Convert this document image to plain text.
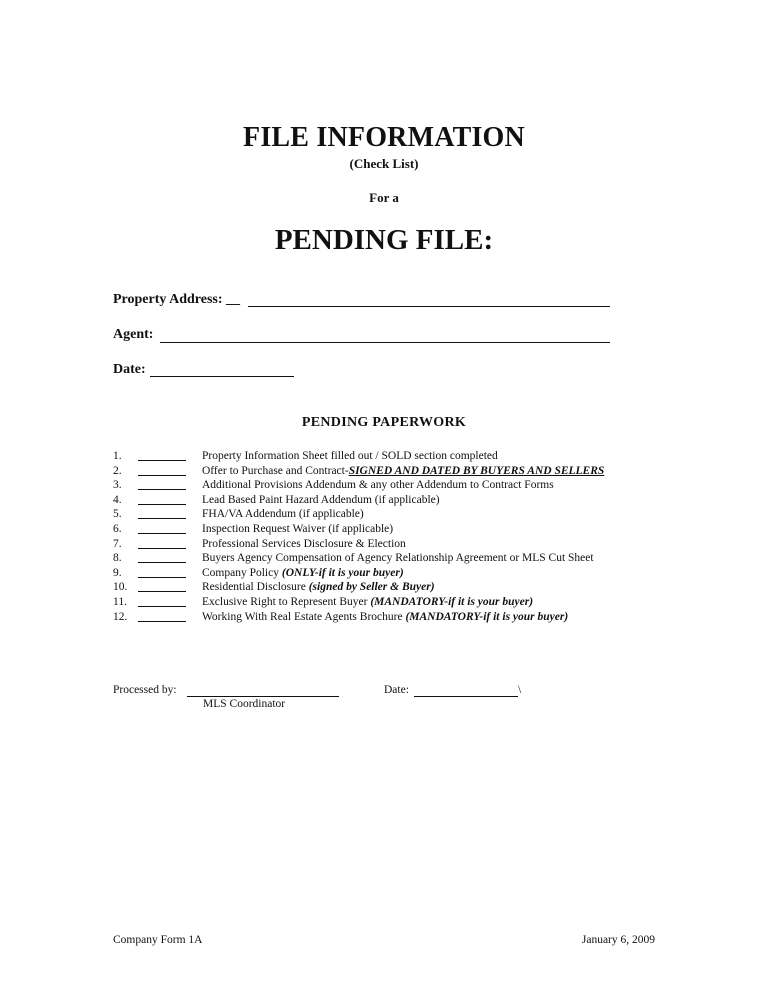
FILE INFORMATION
(Check List)
For a
PENDING FILE:
Property Address: __
Agent:
Date:
PENDING PAPERWORK
1.	Property Information Sheet filled out / SOLD section completed
2.	Offer to Purchase and Contract-SIGNED AND DATED BY BUYERS AND SELLERS
3.	Additional Provisions Addendum & any other Addendum to Contract Forms
4.	Lead Based Paint Hazard Addendum (if applicable)
5.	FHA/VA Addendum (if applicable)
6.	Inspection Request Waiver (if applicable)
7.	Professional Services Disclosure & Election
8.	Buyers Agency Compensation of Agency Relationship Agreement or MLS Cut Sheet
9.	Company Policy (ONLY-if it is your buyer)
10.	Residential Disclosure (signed by Seller & Buyer)
11.	Exclusive Right to Represent Buyer (MANDATORY-if it is your buyer)
12.	Working With Real Estate Agents Brochure (MANDATORY-if it is your buyer)
Processed by:	Date:	\
MLS Coordinator
Company Form 1A	January 6, 2009
